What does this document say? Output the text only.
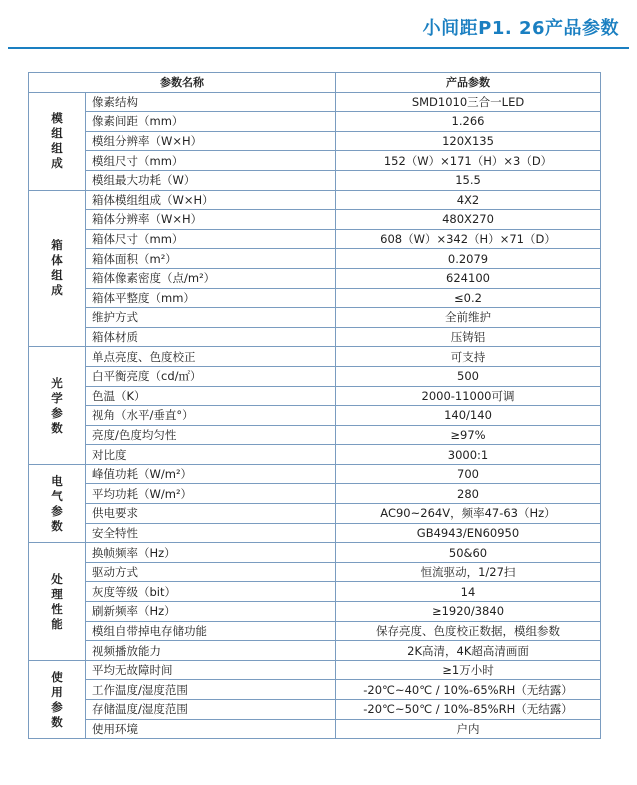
小间距P1. 26产品参数
参数名称		产品参数
模组组成	像素结构	SMD1010三合一LED
	像素间距（mm）	1.266
	模组分辨率（W×H）	120X135
	模组尺寸（mm）	152（W）×171（H）×3（D）
	模组最大功耗（W）	15.5
箱体组成	箱体模组组成（W×H）	4X2
	箱体分辨率（W×H）	480X270
	箱体尺寸（mm）	608（W）×342（H）×71（D）
	箱体面积（m²）	0.2079
	箱体像素密度（点/m²）	624100
	箱体平整度（mm）	≤0.2
	维护方式	全前维护
	箱体材质	压铸铝
光学参数	单点亮度、色度校正	可支持
	白平衡亮度（cd/㎡）	500
	色温（K）	2000-11000可调
	视角（水平/垂直°）	140/140
	亮度/色度均匀性	≥97%
	对比度	3000:1
电气参数	峰值功耗（W/m²）	700
	平均功耗（W/m²）	280
	供电要求	AC90~264V，频率47-63（Hz）
	安全特性	GB4943/EN60950
处理性能	换帧频率（Hz）	50&60
	驱动方式	恒流驱动，1/27扫
	灰度等级（bit）	14
	刷新频率（Hz）	≥1920/3840
	模组自带掉电存储功能	保存亮度、色度校正数据，模组参数
	视频播放能力	2K高清，4K超高清画面
使用参数	平均无故障时间	≥1万小时
	工作温度/湿度范围	-20℃~40℃ / 10%-65%RH（无结露）
	存储温度/湿度范围	-20℃~50℃ / 10%-85%RH（无结露）
	使用环境	户内
